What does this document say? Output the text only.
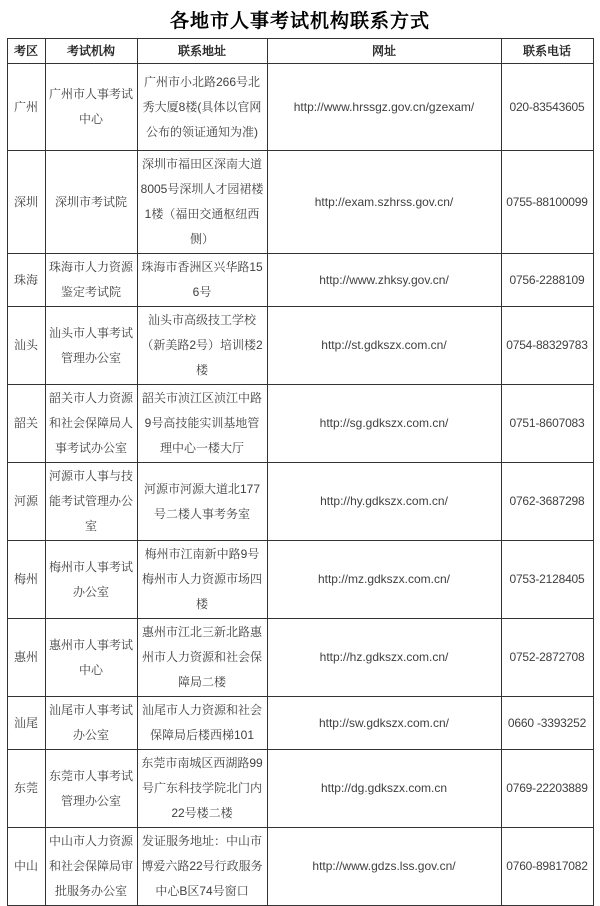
各地市人事考试机构联系方式
考区	考试机构	联系地址	网址	联系电话
广州	广州市人事考试中心	广州市小北路266号北秀大厦8楼(具体以官网公布的领证通知为准)	http://www.hrssgz.gov.cn/gzexam/	020-83543605
深圳	深圳市考试院	深圳市福田区深南大道8005号深圳人才园裙楼1楼（福田交通枢纽西侧）	http://exam.szhrss.gov.cn/	0755-88100099
珠海	珠海市人力资源鉴定考试院	珠海市香洲区兴华路156号	http://www.zhksy.gov.cn/	0756-2288109
汕头	汕头市人事考试管理办公室	汕头市高级技工学校（新美路2号）培训楼2楼	http://st.gdkszx.com.cn/	0754-88329783
韶关	韶关市人力资源和社会保障局人事考试办公室	韶关市浈江区浈江中路9号高技能实训基地管理中心一楼大厅	http://sg.gdkszx.com.cn/	0751-8607083
河源	河源市人事与技能考试管理办公室	河源市河源大道北177号二楼人事考务室	http://hy.gdkszx.com.cn/	0762-3687298
梅州	梅州市人事考试办公室	梅州市江南新中路9号梅州市人力资源市场四楼	http://mz.gdkszx.com.cn/	0753-2128405
惠州	惠州市人事考试中心	惠州市江北三新北路惠州市人力资源和社会保障局二楼	http://hz.gdkszx.com.cn/	0752-2872708
汕尾	汕尾市人事考试办公室	汕尾市人力资源和社会保障局后楼西梯101	http://sw.gdkszx.com.cn/	0660 -3393252
东莞	东莞市人事考试管理办公室	东莞市南城区西湖路99号广东科技学院北门内22号楼二楼	http://dg.gdkszx.com.cn	0769-22203889
中山	中山市人力资源和社会保障局审批服务办公室	发证服务地址：中山市博爱六路22号行政服务中心B区74号窗口	http://www.gdzs.lss.gov.cn/	0760-89817082
